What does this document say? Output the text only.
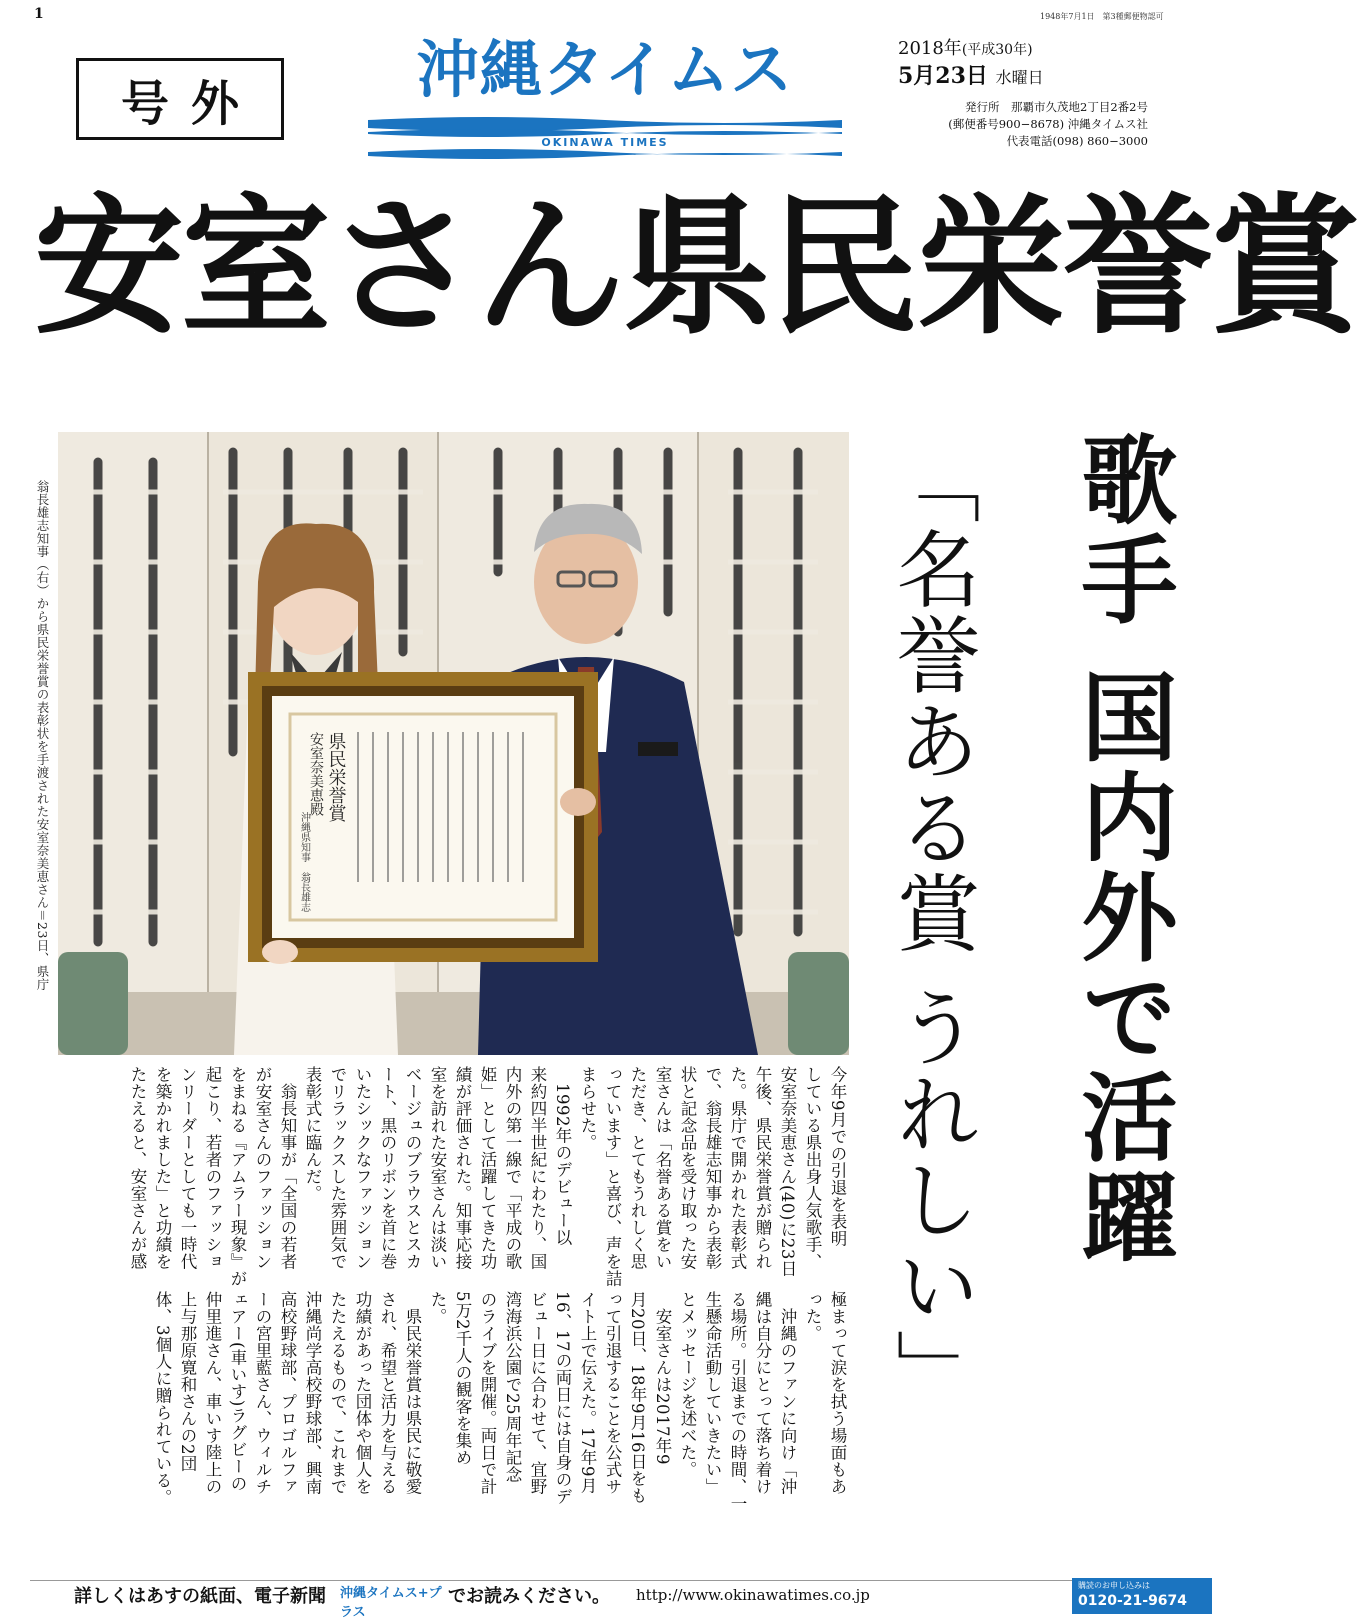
1	1948年7月1日　第3種郵便物認可
号外	沖縄タイムス
OKINAWA TIMES
2018年(平成30年)
5月23日 水曜日
発行所　那覇市久茂地2丁目2番2号
(郵便番号900−8678) 沖縄タイムス社
代表電話(098) 860−3000
安室さん県民栄誉賞
翁長雄志知事（右）から県民栄誉賞の表彰状を手渡された安室奈美恵さん＝23日、県庁	県民栄誉賞
安室奈美恵殿
沖縄県知事　翁長雄志	歌手 国内外で活躍
「名誉ある賞 うれしい」
今年9月での引退を表明
している県出身人気歌手、
安室奈美恵さん(40)に23日
午後、県民栄誉賞が贈られ
た。県庁で開かれた表彰式
で、翁長雄志知事から表彰
状と記念品を受け取った安
室さんは「名誉ある賞をい
ただき、とてもうれしく思
っています」と喜び、声を詰
まらせた。
　1992年のデビュー以
来約四半世紀にわたり、国
内外の第一線で「平成の歌
姫」として活躍してきた功
績が評価された。知事応接
室を訪れた安室さんは淡い
ベージュのブラウスとスカ
ート、黒のリボンを首に巻
いたシックなファッション
でリラックスした雰囲気で
表彰式に臨んだ。
　翁長知事が「全国の若者
が安室さんのファッション
をまねる『アムラー現象』が
起こり、若者のファッショ
ンリーダーとしても一時代
を築かれました」と功績を
たたえると、安室さんが感
極まって涙を拭う場面もあ
った。
　沖縄のファンに向け「沖
縄は自分にとって落ち着け
る場所。引退までの時間、一
生懸命活動していきたい」
とメッセージを述べた。
　安室さんは2017年9
月20日、18年9月16日をも
って引退することを公式サ
イト上で伝えた。17年9月
16、17の両日には自身のデ
ビュー日に合わせて、宜野
湾海浜公園で25周年記念
のライブを開催。両日で計
5万2千人の観客を集め
た。
　県民栄誉賞は県民に敬愛
され、希望と活力を与える
功績があった団体や個人を
たたえるもので、これまで
沖縄尚学高校野球部、興南
高校野球部、プロゴルファ
ーの宮里藍さん、ウィルチ
ェアー(車いす)ラグビーの
仲里進さん、車いす陸上の
上与那原寛和さんの2団
体、3個人に贈られている。
詳しくはあすの紙面、電子新聞 沖縄タイムス+プラス
でお読みください。 http://www.okinawatimes.co.jp
購読のお申し込みは
0120-21-9674
